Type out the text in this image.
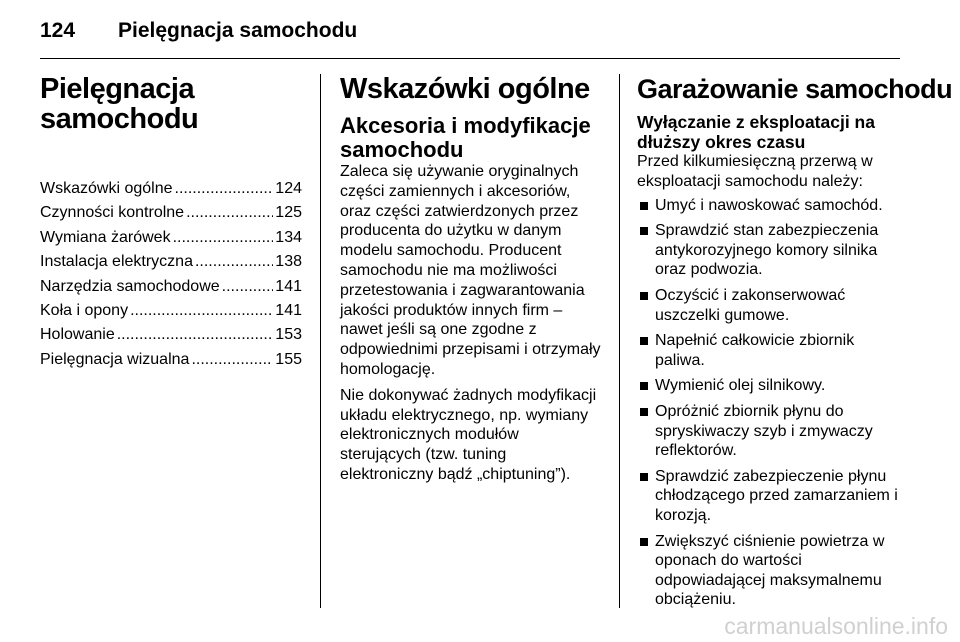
124 Pielęgnacja samochodu
Pielęgnacja samochodu
Wskazówki ogólne .....	124
Czynności kontrolne .....	125
Wymiana żarówek .....	134
Instalacja elektryczna .....	138
Narzędzia samochodowe .....	141
Koła i opony .....	141
Holowanie .....	153
Pielęgnacja wizualna .....	155
Wskazówki ogólne
Akcesoria i modyfikacje samochodu

Zaleca się używanie oryginalnych części zamiennych i akcesoriów, oraz części zatwierdzonych przez producenta do użytku w danym modelu samochodu. Producent samochodu nie ma możliwości przetestowania i zagwarantowania jakości produktów innych firm – nawet jeśli są one zgodne z odpowiednimi przepisami i otrzymały homologację.

Nie dokonywać żadnych modyfikacji układu elektrycznego, np. wymiany elektronicznych modułów sterujących (tzw. tuning elektroniczny bądź „chiptuning”).

Garażowanie samochodu
Wyłączanie z eksploatacji na dłuższy okres czasu

Przed kilkumiesięczną przerwą w eksploatacji samochodu należy:

Umyć i nawoskować samochód.
Sprawdzić stan zabezpieczenia antykorozyjnego komory silnika oraz podwozia.
Oczyścić i zakonserwować uszczelki gumowe.
Napełnić całkowicie zbiornik paliwa.
Wymienić olej silnikowy.
Opróżnić zbiornik płynu do spryskiwaczy szyb i zmywaczy reflektorów.
Sprawdzić zabezpieczenie płynu chłodzącego przed zamarzaniem i korozją.
Zwiększyć ciśnienie powietrza w oponach do wartości odpowiadającej maksymalnemu obciążeniu.
carmanualsonline.info
